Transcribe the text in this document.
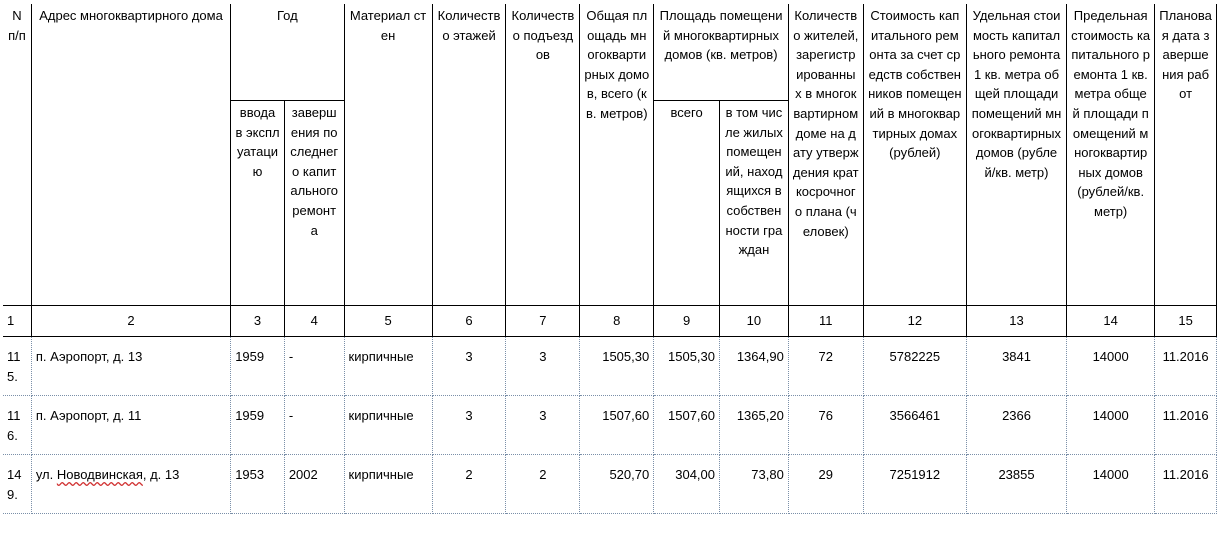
N п/п	Адрес многоквартирного дома	Год		Материал стен	Количество этажей	Количество подъездов	Общая площадь многоквартирных домов, всего (кв. метров)	Площадь помещений многоквартирных домов (кв. метров)		Количество жителей, зарегистрированных в многоквартирном доме на дату утверждения краткосрочного плана (человек)	Стоимость капитального ремонта за счет средств собственников помещений в многоквартирных домах (рублей)	Удельная стоимость капитального ремонта 1 кв. метра общей площади помещений многоквартирных домов (рублей/кв. метр)	Предельная стоимость капитального ремонта 1 кв. метра общей площади помещений многоквартирных домов (рублей/кв. метр)	Плановая дата завершения работ
		ввода в эксплуатацию	завершения последнего капитального ремонта					всего	в том числе жилых помещений, находящихся в собственности граждан					
1	2	3	4	5	6	7	8	9	10	11	12	13	14	15
115.	п. Аэропорт, д. 13	1959	-	кирпичные	3	3	1505,30	1505,30	1364,90	72	5782225	3841	14000	11.2016
116.	п. Аэропорт, д. 11	1959	-	кирпичные	3	3	1507,60	1507,60	1365,20	76	3566461	2366	14000	11.2016
149.	ул. Новодвинская, д. 13	1953	2002	кирпичные	2	2	520,70	304,00	73,80	29	7251912	23855	14000	11.2016
